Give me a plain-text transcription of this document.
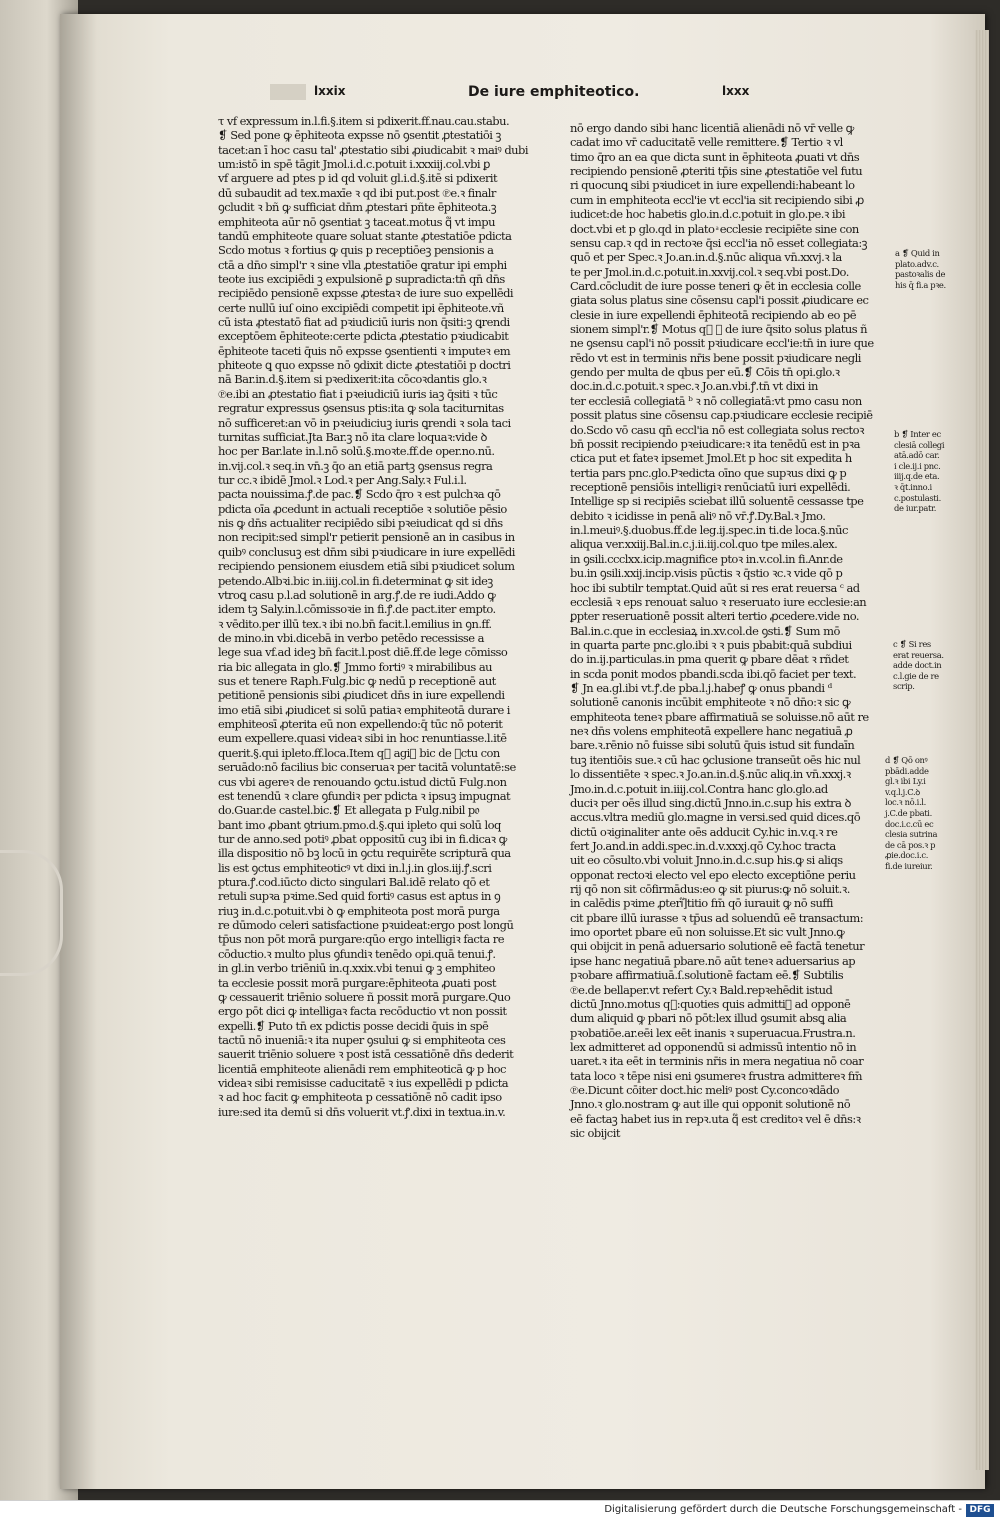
lxxix	De iure emphiteotico.	lxxx
τ vf expressum in.l.fi.§.item si pdixerit.ff.nau.cau.stabu.
❡ Sed pone ꝙ ēphiteota expsse nō ꝯsentit ꝓtestatiōi ꝫ
tacet:an ī hoc casu tal' ꝓtestatio sibi ꝓiudicabit ꝛ maiꝰ dubi
um:istō in spē tāgit Jmol.i.d.c.potuit i.xxxiij.col.vbi ꝑ
vf arguere ad ptes p id qd voluit gl.i.d.§.itē si pdixerit
dū subaudit ad tex.maxīe ꝛ qd ibi put.post ℗e.ꝛ finalr
ꝯcludit ꝛ bñ ꝙ sufficiat dn̄m ꝓtestari pñte ēphiteota.ꝫ
emphiteota aūr nō ꝯsentiat ꝫ taceat.motus q᷑ vt impu
tandū emphiteote quare soluat stante ꝓtestatiōe pdicta
Scdo motus ꝛ fortius ꝙ quis p receptiōeꝫ pensionis a
ctā a dn̄o simpl'r ꝛ sine vlla ꝓtestatiōe ꝗratur ipi emphi
teote ius excipiēdi ꝫ expulsionē ꝑ supradicta:tn̄ qn̄ dn̄s
recipiēdo pensionē expsse ꝓtestaꝛ de iure suo expellēdi
certe nullū iuſ oino excipiēdi competit ipi ēphiteote.vñ
cū ista ꝓtestatō fiat ad pꝛiudiciū iuris non q̄siti:ꝫ ꝗrendi
exceptōem ēphiteote:certe pdicta ꝓtestatio pꝛiudicabit
ēphiteote taceti q̄uis nō expsse ꝯsentienti ꝛ imputeꝛ em
phiteote ꝗ quo expsse nō ꝯdixit dicte ꝓtestatiōi p doctri
nā Bar.in.d.§.item si pꝛedixerit:ita cōcoꝛdantis glo.ꝛ
℗e.ibi an ꝓtestatio fiat i pꝛeiudiciū iuris iaꝫ q̄siti ꝛ tūc
regratur expressus ꝯsensus ptis:ita ꝙ sola taciturnitas
nō sufficeret:an vō in pꝛeiudiciuꝫ iuris ꝗrendi ꝛ sola taci
turnitas sufficiat.Jta Bar.ꝫ nō ita clare loquaꝛ:vide ꝺ
hoc per Bar.late in.l.nō solū.§.moꝛte.ff.de oper.no.nū.
in.vij.col.ꝛ seq.in vn̄.ꝫ q̄o an etiā partꝫ ꝯsensus regra
tur cc.ꝛ ibidē Jmol.ꝛ Lod.ꝛ per Ang.Saly.ꝛ Ful.i.l.
pacta nouissima.ꝭ.de pac.❡ Scdo q̄ro ꝛ est pulchꝛa qō
pdicta oīa ꝓcedunt in actuali receptiōe ꝛ solutiōe pēsio
nis ꝙ dn̄s actualiter recipiēdo sibi pꝛeiudicat qd si dn̄s
non recipit:sed simpl'r petierit pensionē an in casibus in
quibꝰ conclusuꝫ est dn̄m sibi pꝛiudicare in iure expellēdi
recipiendo pensionem eiusdem etiā sibi pꝛiudicet solum
petendo.Albꝛi.bic in.iiij.col.in fi.determinat ꝙ sit ideꝫ
vtroꝗ casu p.l.ad solutionē in arg.ꝭ.de re iudi.Addo ꝙ
idem tꝫ Saly.in.l.cōmissoꝛie in fi.ꝭ.de pact.iter empto.
ꝛ vēdito.per illū tex.ꝛ ibi no.bn̄ facit.l.emilius in ꝯn.ff.
de mino.in vbi.dicebā in verbo petēdo recessisse a
lege sua vf.ad ideꝫ bn̄ facit.l.post diē.ff.de lege cōmisso
ria bic allegata in glo.❡ Jmmo fortiꝰ ꝛ mirabilibus au
sus et tenere Raph.Fulg.bic ꝙ nedū p receptionē aut
petitionē pensionis sibi ꝓiudicet dn̄s in iure expellendi
imo etiā sibi ꝓiudicet si solū patiaꝛ emphiteotā durare i
emphiteosī ꝓterita eū non expellendo:q̄ tūc nō poterit
eum expellere.quasi videaꝛ sibi in hoc renuntiasse.l.itē
querit.§.qui ipleto.ff.loca.Item q᷑ agiꝛ bic de ꝯctu con
seruādo:nō facilius bic conseruaꝛ per tacitā voluntatē:se
cus vbi agereꝛ de renouando ꝯctu.istud dictū Fulg.non
est tenendū ꝛ clare ꝯfundiꝛ per pdicta ꝛ ipsuꝫ impugnat
do.Guar.de castel.bic.❡ Et allegata p Fulg.nibil p𝔬
bant imo ꝓbant ꝯtrium.pmo.d.§.qui ipleto qui solū loq
tur de anno.sed potiꝰ ꝓbat oppositū cuꝫ ibi in fi.dicaꝛ ꝙ
illa dispositio nō bꝫ locū in ꝯctu requirēte scripturā qua
lis est ꝯctus emphiteoticꝰ vt dixi in.l.j.in glos.iij.ꝭ.scri
ptura.ꝭ.cod.iūcto dicto singulari Bal.idē relato qō et
retuli supꝛa pꝛime.Sed quid fortiꝰ casus est aptus in ꝯ
riuꝫ in.d.c.potuit.vbi ꝺ ꝙ emphiteota post morā purga
re dūmodo celeri satisfactione pꝛuideat:ergo post longū
tp̄us non pōt morā purgare:qūo ergo intelligiꝛ facta re
cōductio.ꝛ multo plus ꝯfundiꝛ tenēdo opi.quā tenui.ꝭ.
in gl.in verbo triēniū in.q.xxix.vbi tenui ꝙ ꝫ emphiteo
ta ecclesie possit morā purgare:ēphiteota ꝓuati post
ꝙ cessauerit triēnio soluere ñ possit morā purgare.Quo
ergo pōt dici ꝙ intelligaꝛ facta recōductio vt non possit
expelli.❡ Puto tn̄ ex pdictis posse decidi q̄uis in spē
tactū nō inueniā:ꝛ ita nuper ꝯsului ꝙ si emphiteota ces
sauerit triēnio soluere ꝛ post istā cessatiōnē dn̄s dederit
licentiā emphiteote alienādi rem emphiteoticā ꝙ p hoc
videaꝛ sibi remisisse caducitatē ꝛ ius expellēdi p pdicta
ꝛ ad hoc facit ꝙ emphiteota p cessatiōnē nō cadit ipso
iure:sed ita demū si dn̄s voluerit vt.ꝭ.dixi in textua.in.v.
nō ergo dando sibi hanc licentiā alienādi nō vr̄ velle ꝙ
cadat imo vr̄ caducitatē velle remittere.❡ Tertio ꝛ vl
timo q̄ro an ea que dicta sunt in ēphiteota ꝓuati vt dn̄s
recipiendo pensionē ꝓteriti tp̄is sine ꝓtestatiōe vel futu
ri quocunꝗ sibi pꝛiudicet in iure expellendi:habeant lo
cum in emphiteota eccl'ie vt eccl'ia sit recipiendo sibi ꝓ
iudicet:de hoc habetis glo.in.d.c.potuit in glo.pe.ꝛ ibi
doct.vbi et p glo.qd in plato ͣ ecclesie recipiēte sine con
sensu cap.ꝛ qd in rectoꝛe q̄si eccl'ia nō esset collegiata:ꝫ
quō et per Spec.ꝛ Jo.an.in.d.§.nūc aliqua vn̄.xxvj.ꝛ la
te per Jmol.in.d.c.potuit.in.xxvij.col.ꝛ seq.vbi post.Do.
Card.cōcludit de iure posse teneri ꝙ ēt in ecclesia colle
giata solus platus sine cōsensu capl'i possit ꝓiudicare ec
clesie in iure expellendi ēphiteotā recipiendo ab eo pē
sionem simpl'r.❡ Motus q᷑ ꝫ de iure q̄sito solus platus ñ
ne ꝯsensu capl'i nō possit pꝛiudicare eccl'ie:tn̄ in iure que
rēdo vt est in terminis nr̄is bene possit pꝛiudicare negli
gendo per multa de qbus per eū.❡ Cōis tn̄ opi.glo.ꝛ
doc.in.d.c.potuit.ꝛ spec.ꝛ Jo.an.vbi.ꝭ.tn̄ vt dixi in
ter ecclesiā collegiatā ᵇ ꝛ nō collegiatā:vt pmo casu non
possit platus sine cōsensu cap.pꝛiudicare ecclesie recipiē
do.Scdo vō casu qn̄ eccl'ia nō est collegiata solus rectoꝛ
bn̄ possit recipiendo pꝛeiudicare:ꝛ ita tenēdū est in pꝛa
ctica put et fateꝛ ipsemet Jmol.Et p hoc sit expedita h
tertia pars pnc.glo.Pꝛedicta oīno que supꝛus dixi ꝙ p
receptionē pensiōis intelligiꝛ renūciatū iuri expellēdi.
Intellige sp si recipiēs sciebat illū soluentē cessasse tpe
debito ꝛ icidisse in penā aliꝰ nō vr̄.ꝭ.Dy.Bal.ꝛ Jmo.
in.l.meuiꝰ.§.duobus.ff.de leg.ij.spec.in ti.de loca.§.nūc
aliqua ver.xxiij.Bal.in.c.j.ii.iij.col.quo tpe miles.alex.
in ꝯsili.ccclxx.icip.magnifice ptoꝛ in.v.col.in fi.Anr.de
bu.in ꝯsili.xxij.incip.visis pūctis ꝛ q̄stio ꝛc.ꝛ vide qō p
hoc ibi subtilr temptat.Quid aūt si res erat reuersa ᶜ ad
ecclesiā ꝛ eps renouat saluo ꝛ reseruato iure ecclesie:an
ꝑpter reseruationē possit alteri tertio ꝓcedere.vide no.
Bal.in.c.que in ecclesiaꝝ in.xv.col.de ꝯsti.❡ Sum mō
in quarta parte pnc.glo.ibi ꝛ ꝛ puis pbabit:quā subdiui
do in.ij.particulas.in pma querit ꝙ pbare dēat ꝛ rñdet
in scda ponit modos pbandi.scda ibi.qō faciet per text.
❡ Jn ea.gl.ibi vt.ꝭ.de pba.l.j.habeꝭ ꝙ onus pbandi ᵈ
solutionē canonis incūbit emphiteote ꝛ nō dn̄o:ꝛ sic ꝙ
emphiteota teneꝛ pbare affirmatiuā se soluisse.nō aūt re
neꝛ dn̄s volens emphiteotā expellere hanc negatiuā ꝓ
bare.ꝛ.rēnio nō fuisse sibi solutū q̄uis istud sit fundaīn
tuꝫ itentiōis sue.ꝛ cū hac ꝯclusione transeūt oēs hic nul
lo dissentiēte ꝛ spec.ꝛ Jo.an.in.d.§.nūc aliq.in vn̄.xxxj.ꝛ
Jmo.in.d.c.potuit in.iiij.col.Contra hanc glo.glo.ad
duciꝛ per oēs illud sing.dictū Jnno.in.c.sup his extra ꝺ
accus.vltra mediū glo.magne in versi.sed quid dices.qō
dictū oꝛiginaliter ante oēs adducit Cy.hic in.v.q.ꝛ re
fert Jo.and.in addi.spec.in.d.v.xxxj.qō Cy.hoc tracta
uit eo cōsulto.vbi voluit Jnno.in.d.c.sup his.ꝙ si aliqs
opponat rectoꝛi electo vel epo electo exceptiōne periu
rij qō non sit cōfirmādus:eo ꝙ sit piurus:ꝙ nō soluit.ꝛ.
in calēdis pꝛime ꝓteri᷑]titio fm̄ qō iurauit ꝙ nō suffi
cit pbare illū iurasse ꝛ tp̄us ad soluendū eē transactum:
imo oportet pbare eū non soluisse.Et sic vult Jnno.ꝙ
qui obijcit in penā aduersario solutionē eē factā tenetur
ipse hanc negatiuā pbare.nō aūt teneꝛ aduersarius ap
pꝛobare affirmatiuā.ſ.solutionē factam eē.❡ Subtilis
℗e.de bellaper.vt refert Cy.ꝛ Bald.repꝛehēdit istud
dictū Jnno.motus q᷑:quoties quis admittiꝛ ad opponē
dum aliquid ꝙ pbari nō pōt:lex illud ꝯsumit absꝗ alia
pꝛobatiōe.ar.eēi lex eēt inanis ꝛ superuacua.Frustra.n.
lex admitteret ad opponendū si admissū intentio nō in
uaret.ꝛ ita eēt in terminis nr̄is in mera negatiua nō coar
tata loco ꝛ tēpe nisi eni ꝯsumereꝛ frustra admittereꝛ fm̄
℗e.Dicunt cōiter doct.hic meliꝰ post Cy.concoꝛdādo
Jnno.ꝛ glo.nostram ꝙ aut ille qui opponit solutionē nō
eē factaꝫ habet ius in repꝛ.uta q᷑ est creditoꝛ vel ē dn̄s:ꝛ
sic obijcit
a ❡ Quid in
plato.adv.c.
pastoꝛalis de
his q̄ fi.a pꝛe.
b ❡ Inter ec
clesiā collegi
atā.adō car.
i cle.ij.i pnc.
iiij.q.de eta.
ꝛ q̄t.inno.i
c.postulasti.
de iur.patr.
c ❡ Si res
erat reuersa.
adde doct.in
c.l.gie de re
scrip.
d ❡ Qō onꝰ
pbādi.adde
gl.ꝛ ibi Ly.i
v.q.l.j.C.ꝺ
loc.ꝛ nō.i.l.
j.C.de pbati.
doc.i.c.cū ec
clesia sutrina
de cā pos.ꝛ p
ꝓie.doc.i.c.
fi.de iureiur.
Digitalisierung gefördert durch die Deutsche Forschungsgemeinschaft - DFG
